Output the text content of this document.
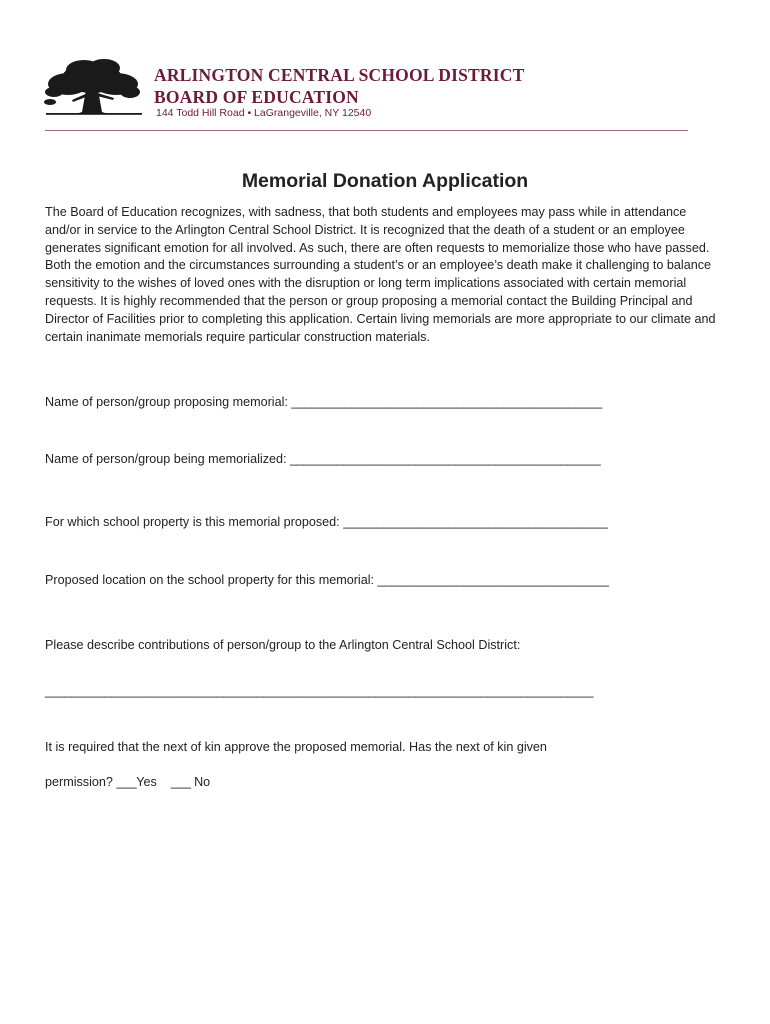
ARLINGTON CENTRAL SCHOOL DISTRICT
BOARD OF EDUCATION
144 Todd Hill Road • LaGrangeville, NY 12540
Memorial Donation Application

The Board of Education recognizes, with sadness, that both students and employees may pass while in attendance and/or in service to the Arlington Central School District. It is recognized that the death of a student or an employee generates significant emotion for all involved. As such, there are often requests to memorialize those who have passed. Both the emotion and the circumstances surrounding a student’s or an employee’s death make it challenging to balance sensitivity to the wishes of loved ones with the disruption or long term implications associated with certain memorial requests. It is highly recommended that the person or group proposing a memorial contact the Building Principal and Director of Facilities prior to completing this application. Certain living memorials are more appropriate to our climate and certain inanimate memorials require particular construction materials.

Name of person/group proposing memorial: _______________________________________________
Name of person/group being memorialized: _______________________________________________
For which school property is this memorial proposed: ________________________________________
Proposed location on the school property for this memorial: ___________________________________
Please describe contributions of person/group to the Arlington Central School District:
___________________________________________________________________________________
It is required that the next of kin approve the proposed memorial. Has the next of kin given
permission? ___Yes ___ No
